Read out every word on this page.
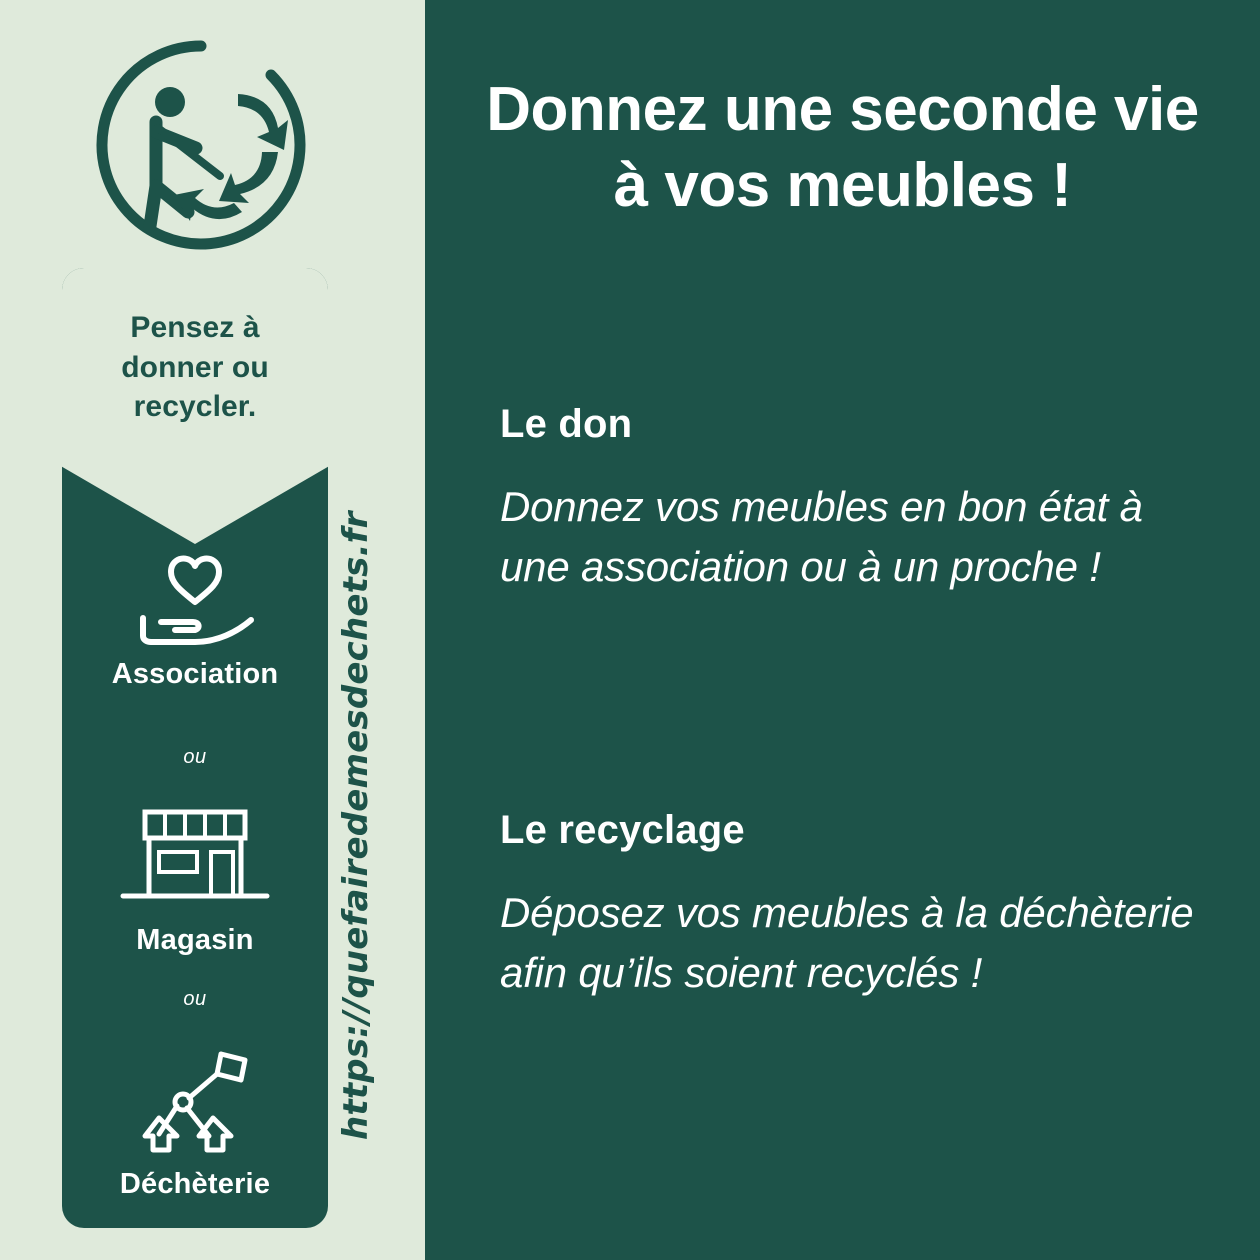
Pensez à
donner ou
recycler.
Association
ou
Magasin
ou
Déchèterie
https://quefairedemesdechets.fr
Donnez une seconde vie
à vos meubles !
Le don
Donnez vos meubles en bon état à une association ou à un proche !
Le recyclage
Déposez vos meubles à la déchèterie afin qu’ils soient recyclés !
